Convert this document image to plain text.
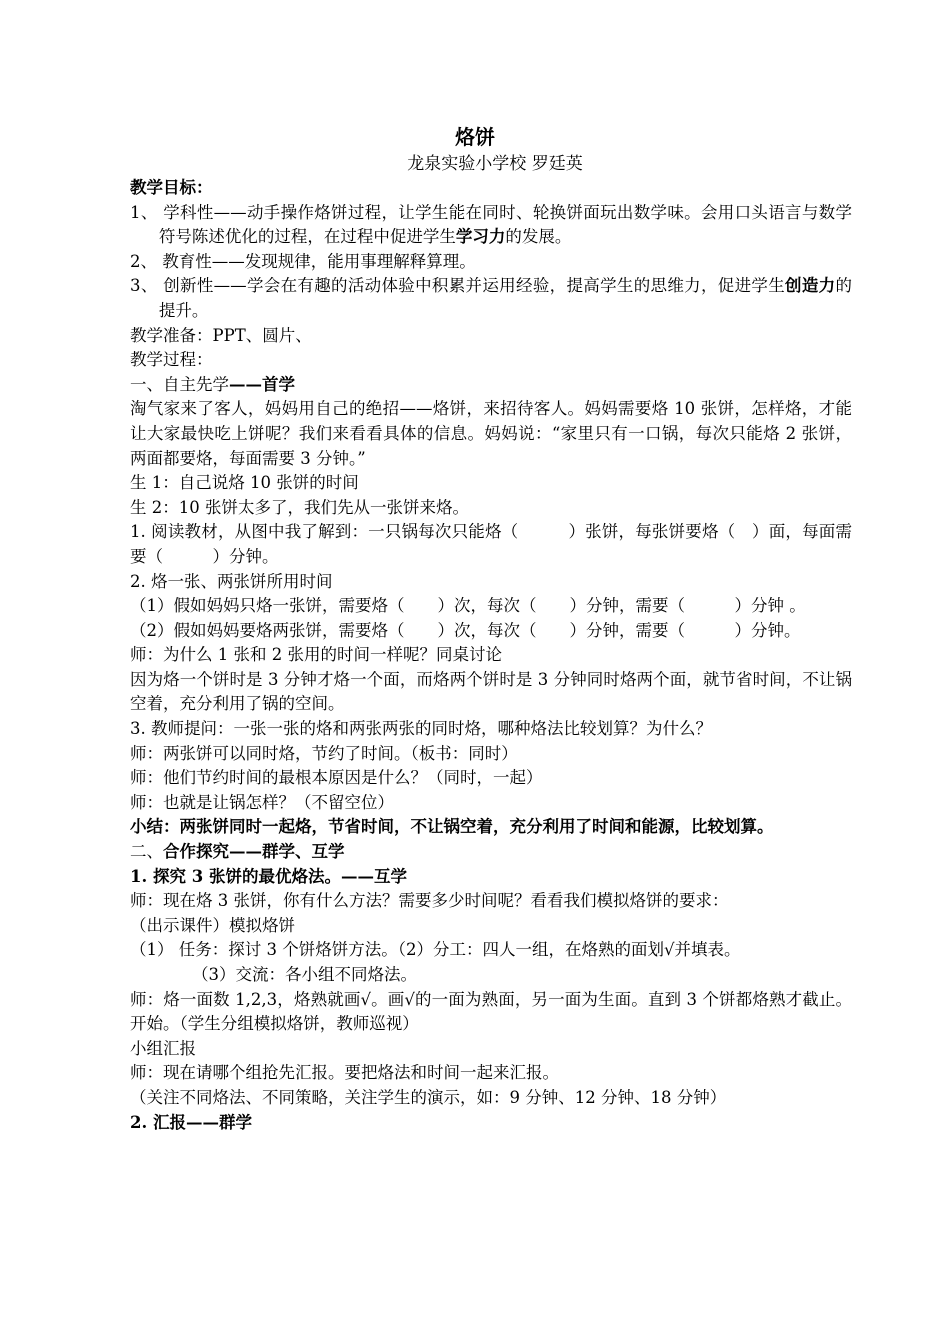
烙饼
龙泉实验小学校 罗廷英

教学目标：

1、 学科性——动手操作烙饼过程，让学生能在同时、轮换饼面玩出数学味。会用口头语言与数学符号陈述优化的过程，在过程中促进学生学习力的发展。

2、 教育性——发现规律，能用事理解释算理。

3、 创新性——学会在有趣的活动体验中积累并运用经验，提高学生的思维力，促进学生创造力的提升。

教学准备：PPT、圆片、

教学过程：

一、自主先学——首学

淘气家来了客人，妈妈用自己的绝招——烙饼，来招待客人。妈妈需要烙 10 张饼，怎样烙，才能让大家最快吃上饼呢？我们来看看具体的信息。妈妈说：“家里只有一口锅，每次只能烙 2 张饼，两面都要烙，每面需要 3 分钟。”

生 1：自己说烙 10 张饼的时间

生 2：10 张饼太多了，我们先从一张饼来烙。

1. 阅读教材，从图中我了解到：一只锅每次只能烙（　　　）张饼，每张饼要烙（　）面，每面需要（　　　）分钟。

2. 烙一张、两张饼所用时间

（1）假如妈妈只烙一张饼，需要烙（　　）次，每次（　　）分钟，需要（　　　）分钟 。

（2）假如妈妈要烙两张饼，需要烙（　　）次，每次（　　）分钟，需要（　　　）分钟。

师：为什么 1 张和 2 张用的时间一样呢？同桌讨论

因为烙一个饼时是 3 分钟才烙一个面，而烙两个饼时是 3 分钟同时烙两个面，就节省时间，不让锅空着，充分利用了锅的空间。

3. 教师提问：一张一张的烙和两张两张的同时烙，哪种烙法比较划算？为什么？

师：两张饼可以同时烙，节约了时间。（板书：同时）

师：他们节约时间的最根本原因是什么？（同时，一起）

师：也就是让锅怎样？（不留空位）

小结：两张饼同时一起烙，节省时间，不让锅空着，充分利用了时间和能源，比较划算。

二、合作探究——群学、互学

1. 探究 3 张饼的最优烙法。——互学

师：现在烙 3 张饼，你有什么方法？需要多少时间呢？看看我们模拟烙饼的要求：

（出示课件）模拟烙饼

（1） 任务：探讨 3 个饼烙饼方法。（2）分工：四人一组，在烙熟的面划√并填表。

（3）交流：各小组不同烙法。

师：烙一面数 1,2,3，烙熟就画√。画√的一面为熟面，另一面为生面。直到 3 个饼都烙熟才截止。开始。（学生分组模拟烙饼，教师巡视）

小组汇报

师：现在请哪个组抢先汇报。要把烙法和时间一起来汇报。

（关注不同烙法、不同策略，关注学生的演示，如：9 分钟、12 分钟、18 分钟）

2. 汇报——群学
